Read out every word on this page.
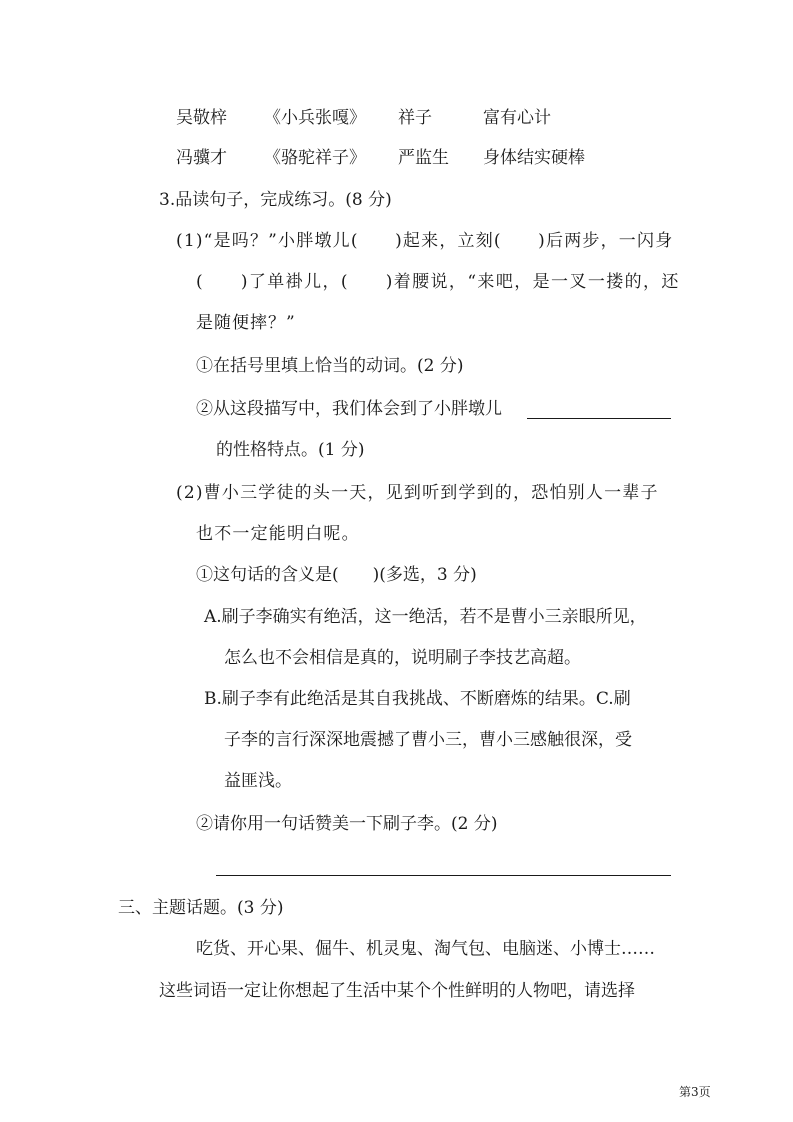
吴敬梓 《小兵张嘎》 祥子	富有心计
冯骥才 《骆驼祥子》 严监生 身体结实硬棒
3.品读句子，完成练习。(8 分)
(1)“是吗？”小胖墩儿(　　)起来，立刻(　　)后两步，一闪身
(　　)了单褂儿，(　　)着腰说，“来吧，是一叉一搂的，还
是随便摔？”
①在括号里填上恰当的动词。(2 分)
②从这段描写中，我们体会到了小胖墩儿
的性格特点。(1 分)
(2)曹小三学徒的头一天，见到听到学到的，恐怕别人一辈子
也不一定能明白呢。
①这句话的含义是(　　)(多选，3 分)
A.刷子李确实有绝活，这一绝活，若不是曹小三亲眼所见，
怎么也不会相信是真的，说明刷子李技艺高超。
B.刷子李有此绝活是其自我挑战、不断磨炼的结果。C.刷
子李的言行深深地震撼了曹小三，曹小三感触很深，受
益匪浅。
②请你用一句话赞美一下刷子李。(2 分)
三、主题话题。(3 分)
吃货、开心果、倔牛、机灵鬼、淘气包、电脑迷、小博士……
这些词语一定让你想起了生活中某个个性鲜明的人物吧，请选择
第3页
